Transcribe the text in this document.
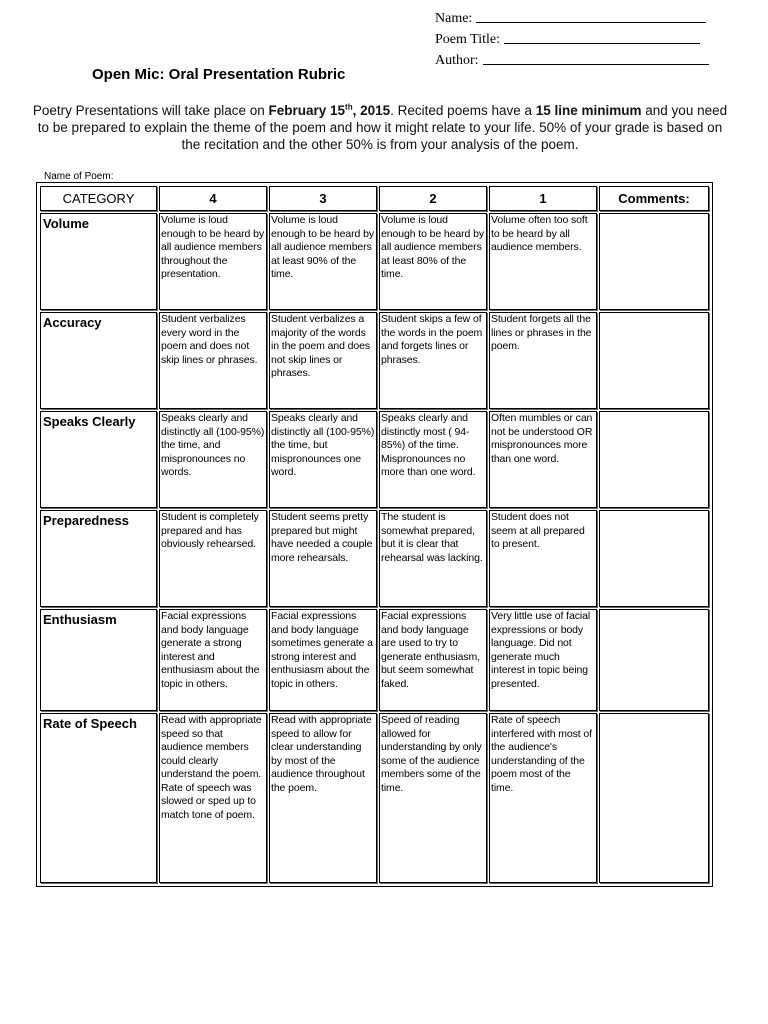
Name:
Poem Title:
Author:
Open Mic: Oral Presentation Rubric
Poetry Presentations will take place on February 15th, 2015. Recited poems have a 15 line minimum and you need to be prepared to explain the theme of the poem and how it might relate to your life. 50% of your grade is based on the recitation and the other 50% is from your analysis of the poem.
Name of Poem:
CATEGORY	4	3	2	1	Comments:
Volume	Volume is loud enough to be heard by all audience members throughout the presentation.	Volume is loud enough to be heard by all audience members at least 90% of the time.	Volume is loud enough to be heard by all audience members at least 80% of the time.	Volume often too soft to be heard by all audience members.	
Accuracy	Student verbalizes every word in the poem and does not skip lines or phrases.	Student verbalizes a majority of the words in the poem and does not skip lines or phrases.	Student skips a few of the words in the poem and forgets lines or phrases.	Student forgets all the lines or phrases in the poem.	
Speaks Clearly	Speaks clearly and distinctly all (100-95%) the time, and mispronounces no words.	Speaks clearly and distinctly all (100-95%) the time, but mispronounces one word.	Speaks clearly and distinctly most ( 94-85%) of the time. Mispronounces no more than one word.	Often mumbles or can not be understood OR mispronounces more than one word.	
Preparedness	Student is completely prepared and has obviously rehearsed.	Student seems pretty prepared but might have needed a couple more rehearsals.	The student is somewhat prepared, but it is clear that rehearsal was lacking.	Student does not seem at all prepared to present.	
Enthusiasm	Facial expressions and body language generate a strong interest and enthusiasm about the topic in others.	Facial expressions and body language sometimes generate a strong interest and enthusiasm about the topic in others.	Facial expressions and body language are used to try to generate enthusiasm, but seem somewhat faked.	Very little use of facial expressions or body language. Did not generate much interest in topic being presented.	
Rate of Speech	Read with appropriate speed so that audience members could clearly understand the poem. Rate of speech was slowed or sped up to match tone of poem.	Read with appropriate speed to allow for clear understanding by most of the audience throughout the poem.	Speed of reading allowed for understanding by only some of the audience members some of the time.	Rate of speech interfered with most of the audience's understanding of the poem most of the time.	
